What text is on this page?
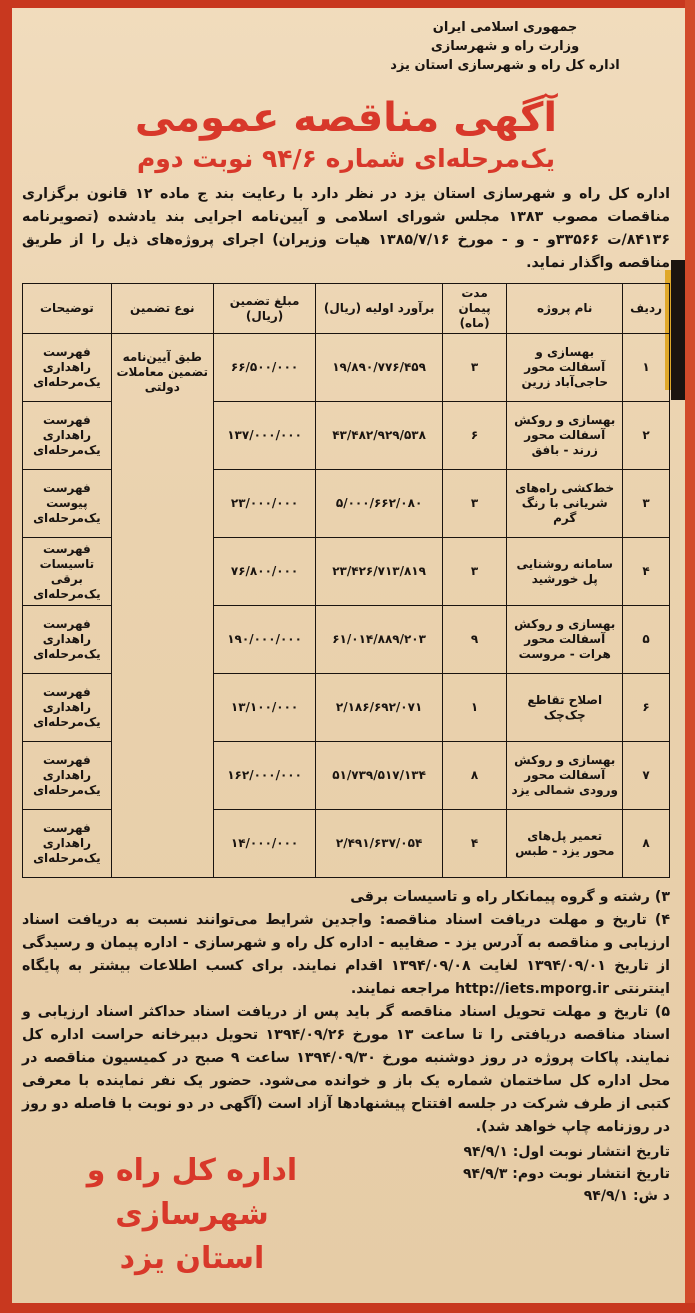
جمهوری اسلامی ایران
وزارت راه و شهرسازی
اداره کل راه و شهرسازی استان یزد
آگهی مناقصه عمومی
یک‌مرحله‌ای شماره ۹۴/۶ نوبت دوم
اداره کل راه و شهرسازی استان یزد در نظر دارد با رعایت بند ج ماده ۱۲ قانون برگزاری مناقصات مصوب ۱۳۸۳ مجلس شورای اسلامی و آیین‌نامه اجرایی بند یادشده (تصویرنامه ۸۴۱۳۶/ت ۳۳۵۶۶و - و - مورخ ۱۳۸۵/۷/۱۶ هیات وزیران) اجرای پروژه‌های ذیل را از طریق مناقصه واگذار نماید.
ردیف	نام پروژه	مدت پیمان (ماه)	برآورد اولیه (ریال)	مبلغ تضمین (ریال)	نوع تضمین	توضیحات
۱	بهسازی و آسفالت محور حاجی‌آباد زرین	۳	۱۹/۸۹۰/۷۷۶/۴۵۹	۶۶/۵۰۰/۰۰۰	طبق آیین‌نامه تضمین معاملات دولتی	فهرست راهداری یک‌مرحله‌ای
۲	بهسازی و روکش آسفالت محور زرند - بافق	۶	۴۳/۴۸۲/۹۲۹/۵۳۸	۱۳۷/۰۰۰/۰۰۰		فهرست راهداری یک‌مرحله‌ای
۳	خط‌کشی راه‌های شریانی با رنگ گرم	۳	۵/۰۰۰/۶۶۲/۰۸۰	۲۳/۰۰۰/۰۰۰		فهرست پیوست یک‌مرحله‌ای
۴	سامانه روشنایی پل خورشید	۳	۲۳/۴۲۶/۷۱۳/۸۱۹	۷۶/۸۰۰/۰۰۰		فهرست تاسیسات برقی یک‌مرحله‌ای
۵	بهسازی و روکش آسفالت محور هرات - مروست	۹	۶۱/۰۱۴/۸۸۹/۲۰۳	۱۹۰/۰۰۰/۰۰۰		فهرست راهداری یک‌مرحله‌ای
۶	اصلاح تقاطع چک‌چک	۱	۲/۱۸۶/۶۹۲/۰۷۱	۱۳/۱۰۰/۰۰۰		فهرست راهداری یک‌مرحله‌ای
۷	بهسازی و روکش آسفالت محور ورودی شمالی یزد	۸	۵۱/۷۳۹/۵۱۷/۱۳۴	۱۶۲/۰۰۰/۰۰۰		فهرست راهداری یک‌مرحله‌ای
۸	تعمیر پل‌های محور یزد - طبس	۴	۲/۴۹۱/۶۳۷/۰۵۴	۱۴/۰۰۰/۰۰۰		فهرست راهداری یک‌مرحله‌ای

۳) رشته و گروه پیمانکار راه و تاسیسات برقی

۴) تاریخ و مهلت دریافت اسناد مناقصه: واجدین شرایط می‌توانند نسبت به دریافت اسناد ارزیابی و مناقصه به آدرس یزد - صفاییه - اداره کل راه و شهرسازی - اداره پیمان و رسیدگی از تاریخ ۱۳۹۴/۰۹/۰۱ لغایت ۱۳۹۴/۰۹/۰۸ اقدام نمایند. برای کسب اطلاعات بیشتر به پایگاه اینترنتی http://iets.mporg.ir مراجعه نمایند.

۵) تاریخ و مهلت تحویل اسناد مناقصه گر باید پس از دریافت اسناد حداکثر اسناد ارزیابی و اسناد مناقصه دریافتی را تا ساعت ۱۳ مورخ ۱۳۹۴/۰۹/۲۶ تحویل دبیرخانه حراست اداره کل نمایند. پاکات پروژه در روز دوشنبه مورخ ۱۳۹۴/۰۹/۳۰ ساعت ۹ صبح در کمیسیون مناقصه در محل اداره کل ساختمان شماره یک باز و خوانده می‌شود. حضور یک نفر نماینده با معرفی کتبی از طرف شرکت در جلسه افتتاح پیشنهادها آزاد است (آگهی در دو نوبت با فاصله دو روز در روزنامه چاپ خواهد شد).

تاریخ انتشار نوبت اول: ۹۴/۹/۱
تاریخ انتشار نوبت دوم: ۹۴/۹/۳
د ش: ۹۴/۹/۱
اداره کل راه و شهرسازی
استان یزد
